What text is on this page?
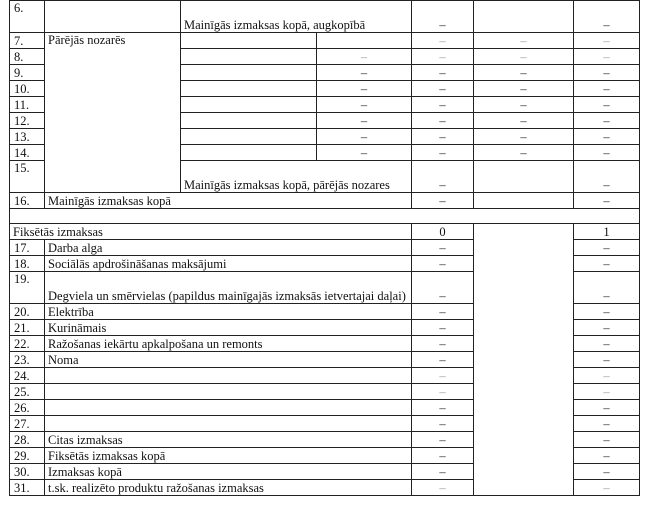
6.		Mainīgās izmaksas kopā, augkopībā		–		–
7.	Pārējās nozarēs			–	–	–
8.			–	–	–	–
9.			–	–	–	–
10.			–	–	–	–
11.			–	–	–	–
12.			–	–	–	–
13.			–	–	–	–
14.			–	–	–	–
15.		Mainīgās izmaksas kopā, pārējās nozares		–		–
16.	Mainīgās izmaksas kopā			–		–

Fiksētās izmaksas				0		1
17.	Darba alga			–		–
18.	Sociālās apdrošināšanas maksājumi			–		–
19.	Degviela un smērvielas (papildus mainīgajās izmaksās ietvertajai daļai)			–		–
20.	Elektrība			–		–
21.	Kurināmais			–		–
22.	Ražošanas iekārtu apkalpošana un remonts			–		–
23.	Noma			–		–
24.				–		–
25.				–		–
26.				–		–
27.				–		–
28.	Citas izmaksas			–		–
29.	Fiksētās izmaksas kopā			–		–
30.	Izmaksas kopā			–		–
31.	t.sk. realizēto produktu ražošanas izmaksas			–		–
